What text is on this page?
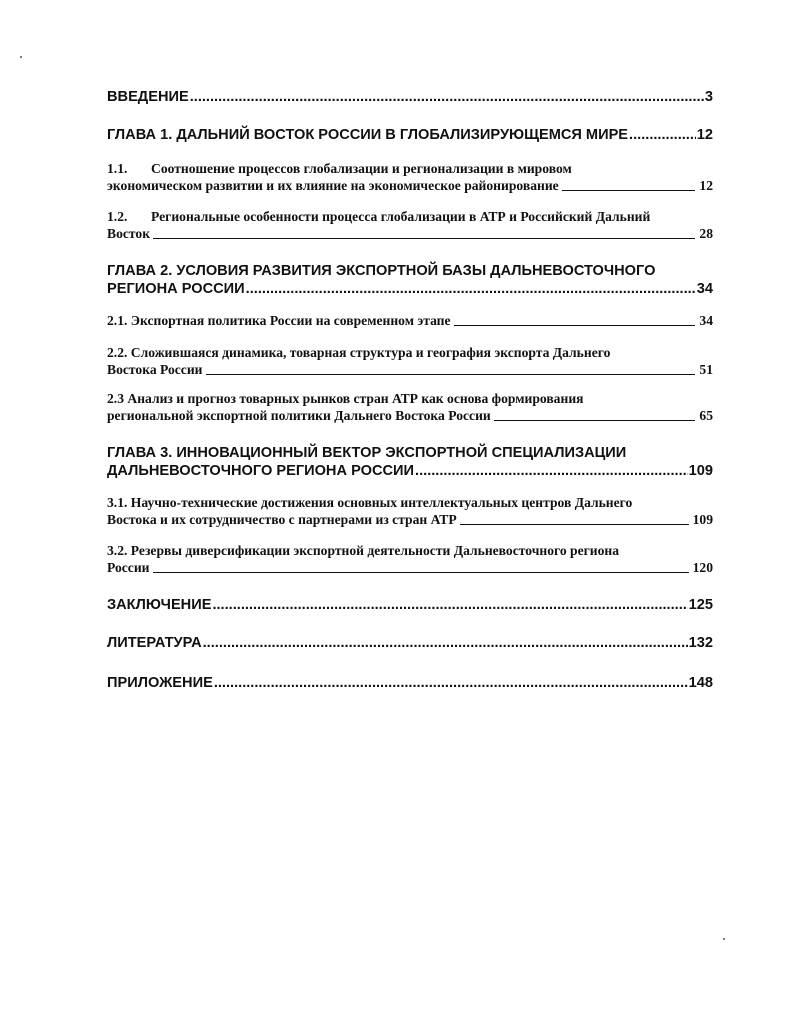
ВВЕДЕНИЕ .....	3
ГЛАВА 1. ДАЛЬНИЙ ВОСТОК РОССИИ В ГЛОБАЛИЗИРУЮЩЕМСЯ МИРЕ .....	12
1.1. Соотношение процессов глобализации и регионализации в мировом
экономическом развитии и их влияние на экономическое районирование	12
1.2. Региональные особенности процесса глобализации в АТР и Российский Дальний
Восток	28
ГЛАВА 2. УСЛОВИЯ РАЗВИТИЯ ЭКСПОРТНОЙ БАЗЫ ДАЛЬНЕВОСТОЧНОГО
РЕГИОНА РОССИИ .....	34
2.1. Экспортная политика России на современном этапе	34
2.2. Сложившаяся динамика, товарная структура и география экспорта Дальнего
Востока России	51
2.3 Анализ и прогноз товарных рынков стран АТР как основа формирования
региональной экспортной политики Дальнего Востока России	65
ГЛАВА 3. ИННОВАЦИОННЫЙ ВЕКТОР ЭКСПОРТНОЙ СПЕЦИАЛИЗАЦИИ
ДАЛЬНЕВОСТОЧНОГО РЕГИОНА РОССИИ .....	109
3.1. Научно-технические достижения основных интеллектуальных центров Дальнего
Востока и их сотрудничество с партнерами из стран АТР	109
3.2. Резервы диверсификации экспортной деятельности Дальневосточного региона
России	120
ЗАКЛЮЧЕНИЕ .....	125
ЛИТЕРАТУРА .....	132
ПРИЛОЖЕНИЕ .....	148
